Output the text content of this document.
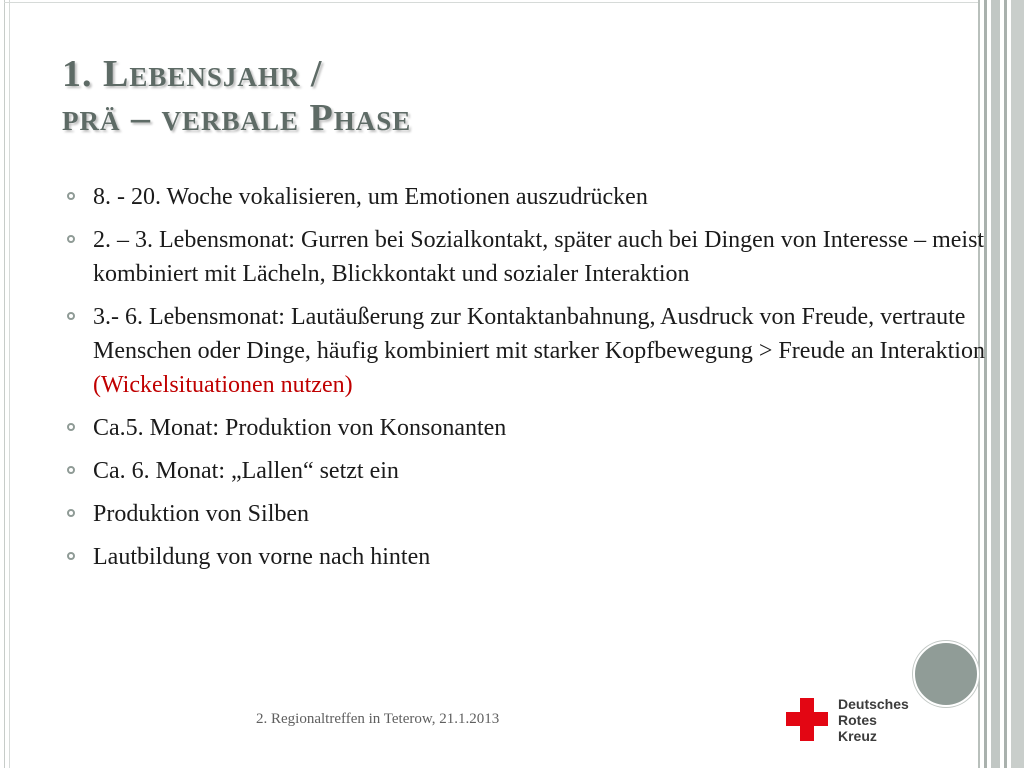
1. Lebensjahr /
prä – verbale Phase
8. - 20. Woche vokalisieren, um Emotionen auszudrücken
2. – 3. Lebensmonat: Gurren bei Sozialkontakt, später auch bei Dingen von Interesse – meist kombiniert mit Lächeln, Blickkontakt und sozialer Interaktion
3.- 6. Lebensmonat: Lautäußerung zur Kontaktanbahnung, Ausdruck von Freude, vertraute Menschen oder Dinge, häufig kombiniert mit starker Kopfbewegung > Freude an Interaktion (Wickelsituationen nutzen)
Ca.5. Monat: Produktion von Konsonanten
Ca. 6. Monat: „Lallen“ setzt ein
Produktion von Silben
Lautbildung von vorne nach hinten
2. Regionaltreffen in Teterow, 21.1.2013
Deutsches
Rotes
Kreuz
